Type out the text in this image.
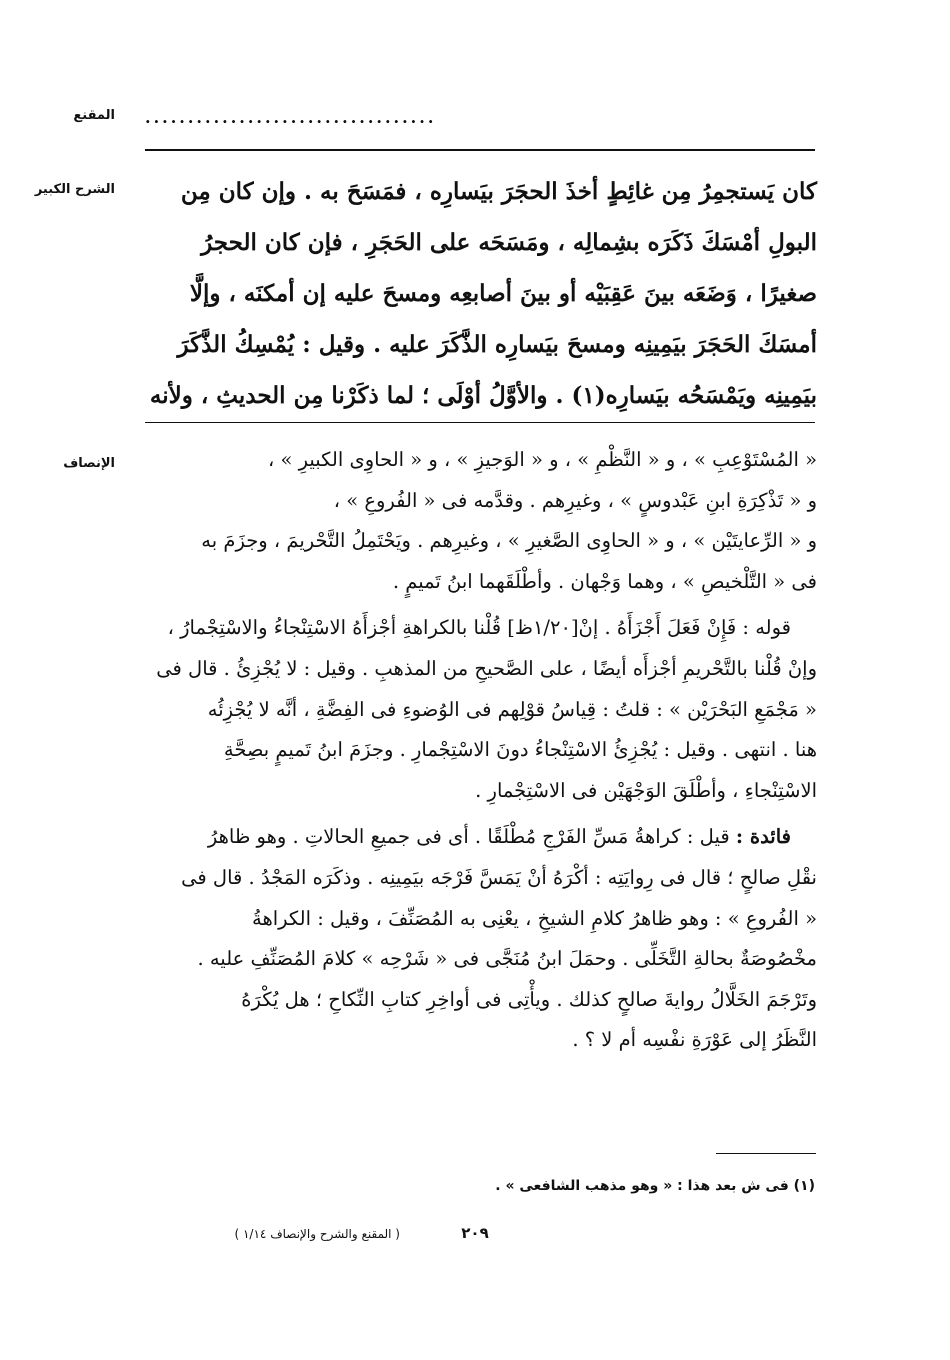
المقنع
الشرح الكبير
الإنصاف
..................................

كان يَستجمِرُ مِن غائِطٍ أخذَ الحجَرَ بيَسارِه ، فمَسَحَ به . وإن كان مِن

البولِ أمْسَكَ ذَكَرَه بشِمالِه ، ومَسَحَه على الحَجَرِ ، فإن كان الحجرُ

صغيرًا ، وَضَعَه بينَ عَقِبَيْه أو بينَ أصابعِه ومسحَ عليه إن أمكنَه ، وإلَّا

أمسَكَ الحَجَرَ بيَمِينِه ومسحَ بيَسارِه الذَّكَرَ عليه . وقيل : يُمْسِكُ الذَّكَرَ

بيَمِينِه ويَمْسَحُه بيَسارِه(١) . والأوَّلُ أوْلَى ؛ لما ذكَرْنا مِن الحديثِ ، ولأنه

« المُسْتَوْعِبِ » ، و « النَّظْمِ » ، و « الوَجيزِ » ، و « الحاوِى الكبيرِ » ،

و « تَذْكِرَةِ ابنِ عَبْدوسٍ » ، وغيرِهم . وقدَّمه فى « الفُروعِ » ،

و « الرِّعايتَيْن » ، و « الحاوِى الصَّغيرِ » ، وغيرِهم . ويَحْتَمِلُ التَّحْريمَ ، وجزَمَ به

فى « التَّلْخيصِ » ، وهما وَجْهان . وأطْلَقَهما ابنُ تَميمٍ .

قوله : فَإِنْ فَعَلَ أَجْزَأَهُ . إنْ[١/٢٠ظ] قُلْنا بالكراهةِ أجْزأَهُ الاسْتِنْجاءُ والاسْتِجْمارُ ،

وإنْ قُلْنا بالتَّحْريمِ أجْزأَه أيضًا ، على الصَّحيحِ من المذهبِ . وقيل : لا يُجْزِئُ . قال فى

« مَجْمَعِ البَحْرَيْن » : قلتُ : قِياسُ قوْلِهم فى الوُضوءِ فى الفِضَّةِ ، أنَّه لا يُجْزِئُه

هنا . انتهى . وقيل : يُجْزِئُ الاسْتِنْجاءُ دونَ الاسْتِجْمارِ . وجزَمَ ابنُ تَميمٍ بصِحَّةِ

الاسْتِنْجاءِ ، وأطْلَقَ الوَجْهَيْن فى الاسْتِجْمارِ .

فائدة : قيل : كراهةُ مَسِّ الفَرْجِ مُطْلَقًا . أى فى جميعِ الحالاتِ . وهو ظاهرُ

نقْلِ صالحٍ ؛ قال فى رِوايَتِه : أكْرَهُ أنْ يَمَسَّ فَرْجَه بيَمِينِه . وذكَرَه المَجْدُ . قال فى

« الفُروعِ » : وهو ظاهرُ كلامِ الشيخِ ، يعْنِى به المُصَنِّفَ ، وقيل : الكراهةُ

مخْصُوصَةٌ بحالةِ التَّخَلِّى . وحمَلَ ابنُ مُنَجَّى فى « شَرْحِه » كلامَ المُصَنِّفِ عليه .

وتَرْجَمَ الخَلَّالُ روايةَ صالحٍ كذلك . ويأْتِى فى أواخِرِ كتابِ النِّكاحِ ؛ هل يُكْرَهُ

النَّظَرُ إلى عَوْرَةِ نفْسِه أم لا ؟ .

(١) فى ش بعد هذا : « وهو مذهب الشافعى » .
٢٠٩
( المقنع والشرح والإنصاف ١/١٤ )
